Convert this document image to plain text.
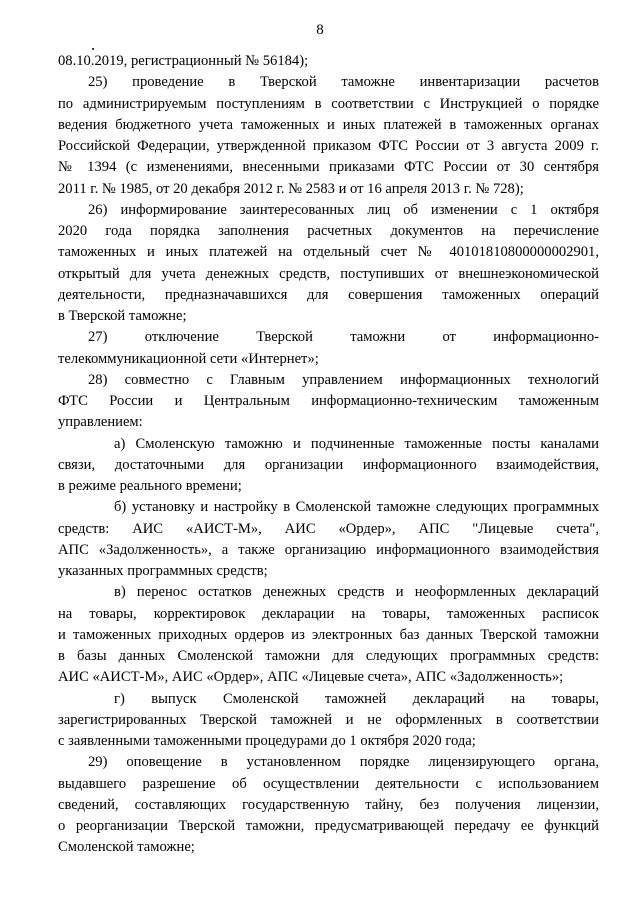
8
08.10.2019, регистрационный № 56184);
25) проведение в Тверской таможне инвентаризации расчетов
по администрируемым поступлениям в соответствии с Инструкцией о порядке
ведения бюджетного учета таможенных и иных платежей в таможенных органах
Российской Федерации, утвержденной приказом ФТС России от 3 августа 2009 г.
№ 1394 (с изменениями, внесенными приказами ФТС России от 30 сентября
2011 г. № 1985, от 20 декабря 2012 г. № 2583 и от 16 апреля 2013 г. № 728);
26) информирование заинтересованных лиц об изменении с 1 октября
2020 года порядка заполнения расчетных документов на перечисление
таможенных и иных платежей на отдельный счет № 40101810800000002901,
открытый для учета денежных средств, поступивших от внешнеэкономической
деятельности, предназначавшихся для совершения таможенных операций
в Тверской таможне;
27) отключение Тверской таможни от информационно-
телекоммуникационной сети «Интернет»;
28) совместно с Главным управлением информационных технологий
ФТС России и Центральным информационно-техническим таможенным
управлением:
а) Смоленскую таможню и подчиненные таможенные посты каналами
связи, достаточными для организации информационного взаимодействия,
в режиме реального времени;
б) установку и настройку в Смоленской таможне следующих программных
средств: АИС «АИСТ-М», АИС «Ордер», АПС "Лицевые счета",
АПС «Задолженность», а также организацию информационного взаимодействия
указанных программных средств;
в) перенос остатков денежных средств и неоформленных деклараций
на товары, корректировок декларации на товары, таможенных расписок
и таможенных приходных ордеров из электронных баз данных Тверской таможни
в базы данных Смоленской таможни для следующих программных средств:
АИС «АИСТ-М», АИС «Ордер», АПС «Лицевые счета», АПС «Задолженность»;
г) выпуск Смоленской таможней деклараций на товары,
зарегистрированных Тверской таможней и не оформленных в соответствии
с заявленными таможенными процедурами до 1 октября 2020 года;
29) оповещение в установленном порядке лицензирующего органа,
выдавшего разрешение об осуществлении деятельности с использованием
сведений, составляющих государственную тайну, без получения лицензии,
о реорганизации Тверской таможни, предусматривающей передачу ее функций
Смоленской таможне;
